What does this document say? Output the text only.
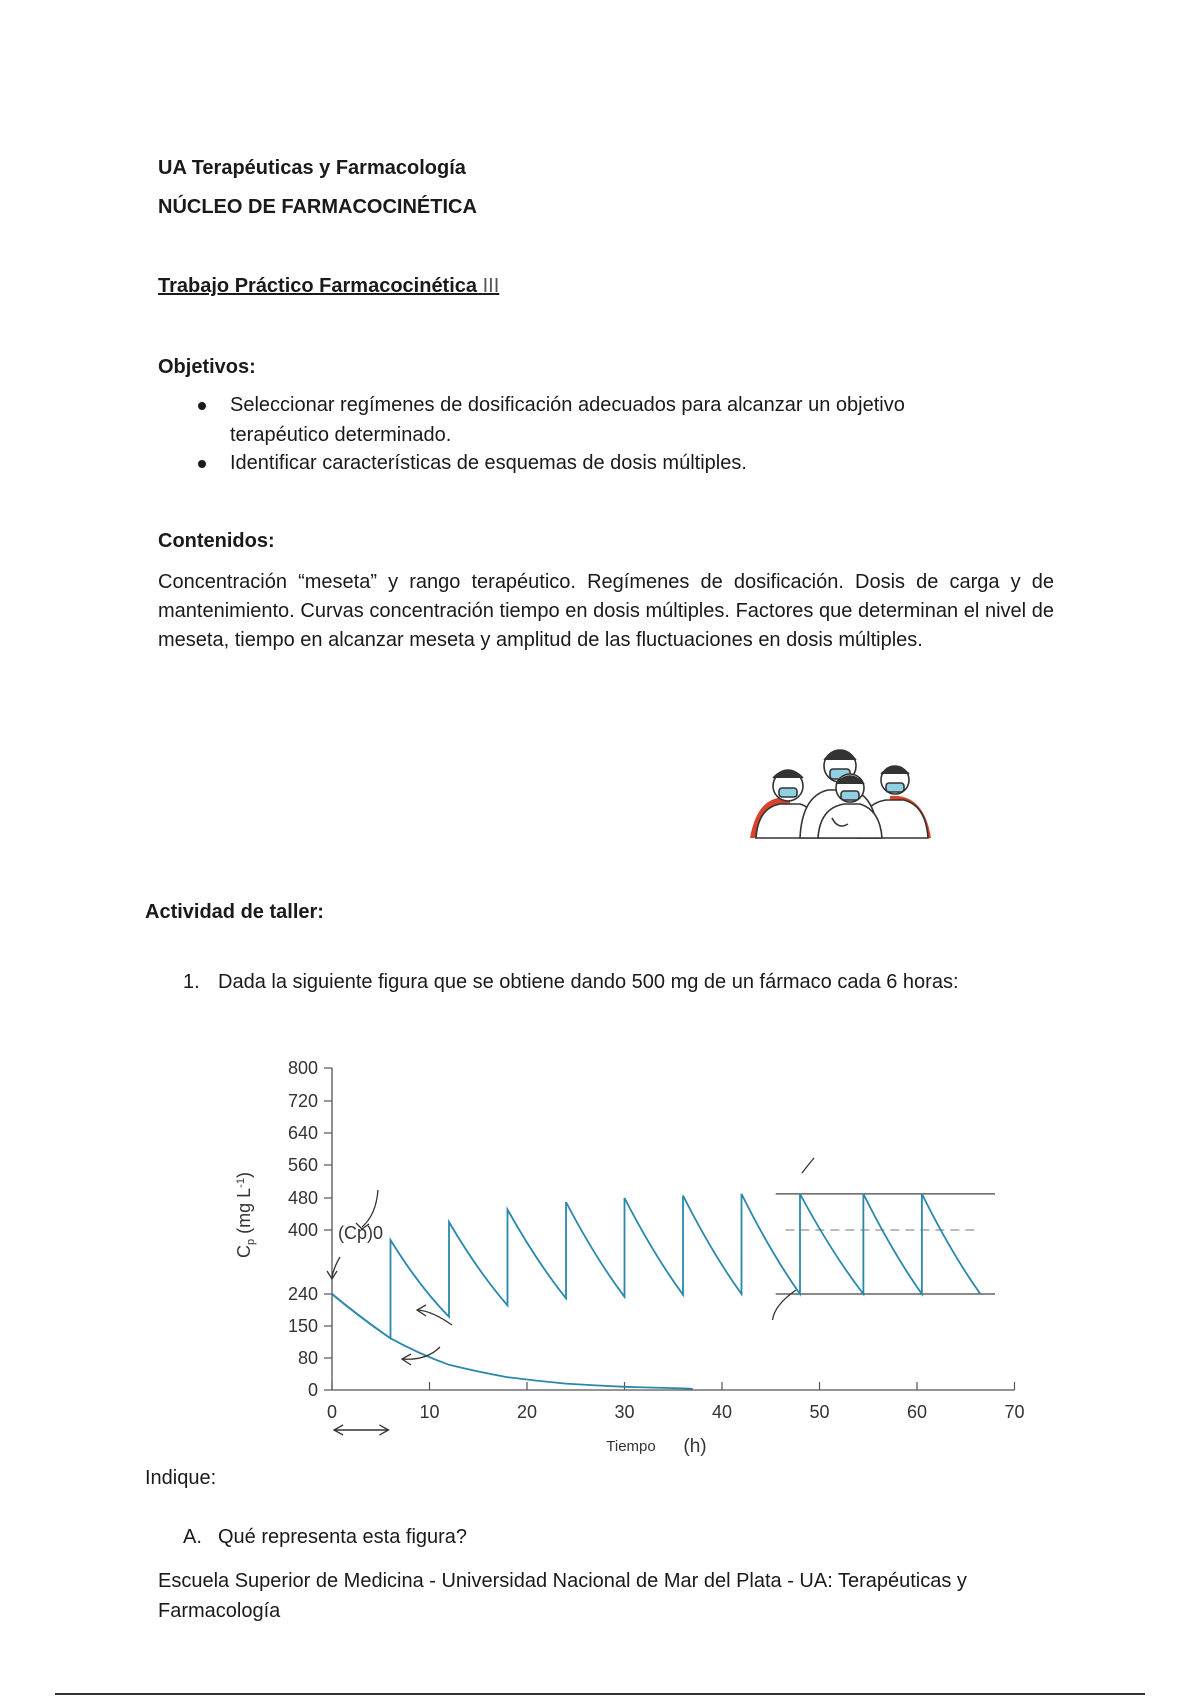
UA Terapéuticas y Farmacología
NÚCLEO DE FARMACOCINÉTICA
Trabajo Práctico Farmacocinética III
Objetivos:
Seleccionar regímenes de dosificación adecuados para alcanzar un objetivo
terapéutico determinado.
Identificar características de esquemas de dosis múltiples.
Contenidos:
Concentración “meseta” y rango terapéutico. Regímenes de dosificación. Dosis de carga y de mantenimiento. Curvas concentración tiempo en dosis múltiples. Factores que determinan el nivel de meseta, tiempo en alcanzar meseta y amplitud de las fluctuaciones en dosis múltiples.
Actividad de taller:
1. Dada la siguiente figura que se obtiene dando 500 mg de un fármaco cada 6 horas:
0
80
150
240
400
480
560
640
720
800
0	10	20	30	40	50	60	70
$C_p$ (mg $L^{-1}$)
Tiempo (h)
(Cp)0
Indique:
A. Qué representa esta figura?
Escuela Superior de Medicina - Universidad Nacional de Mar del Plata - UA: Terapéuticas y
Farmacología
